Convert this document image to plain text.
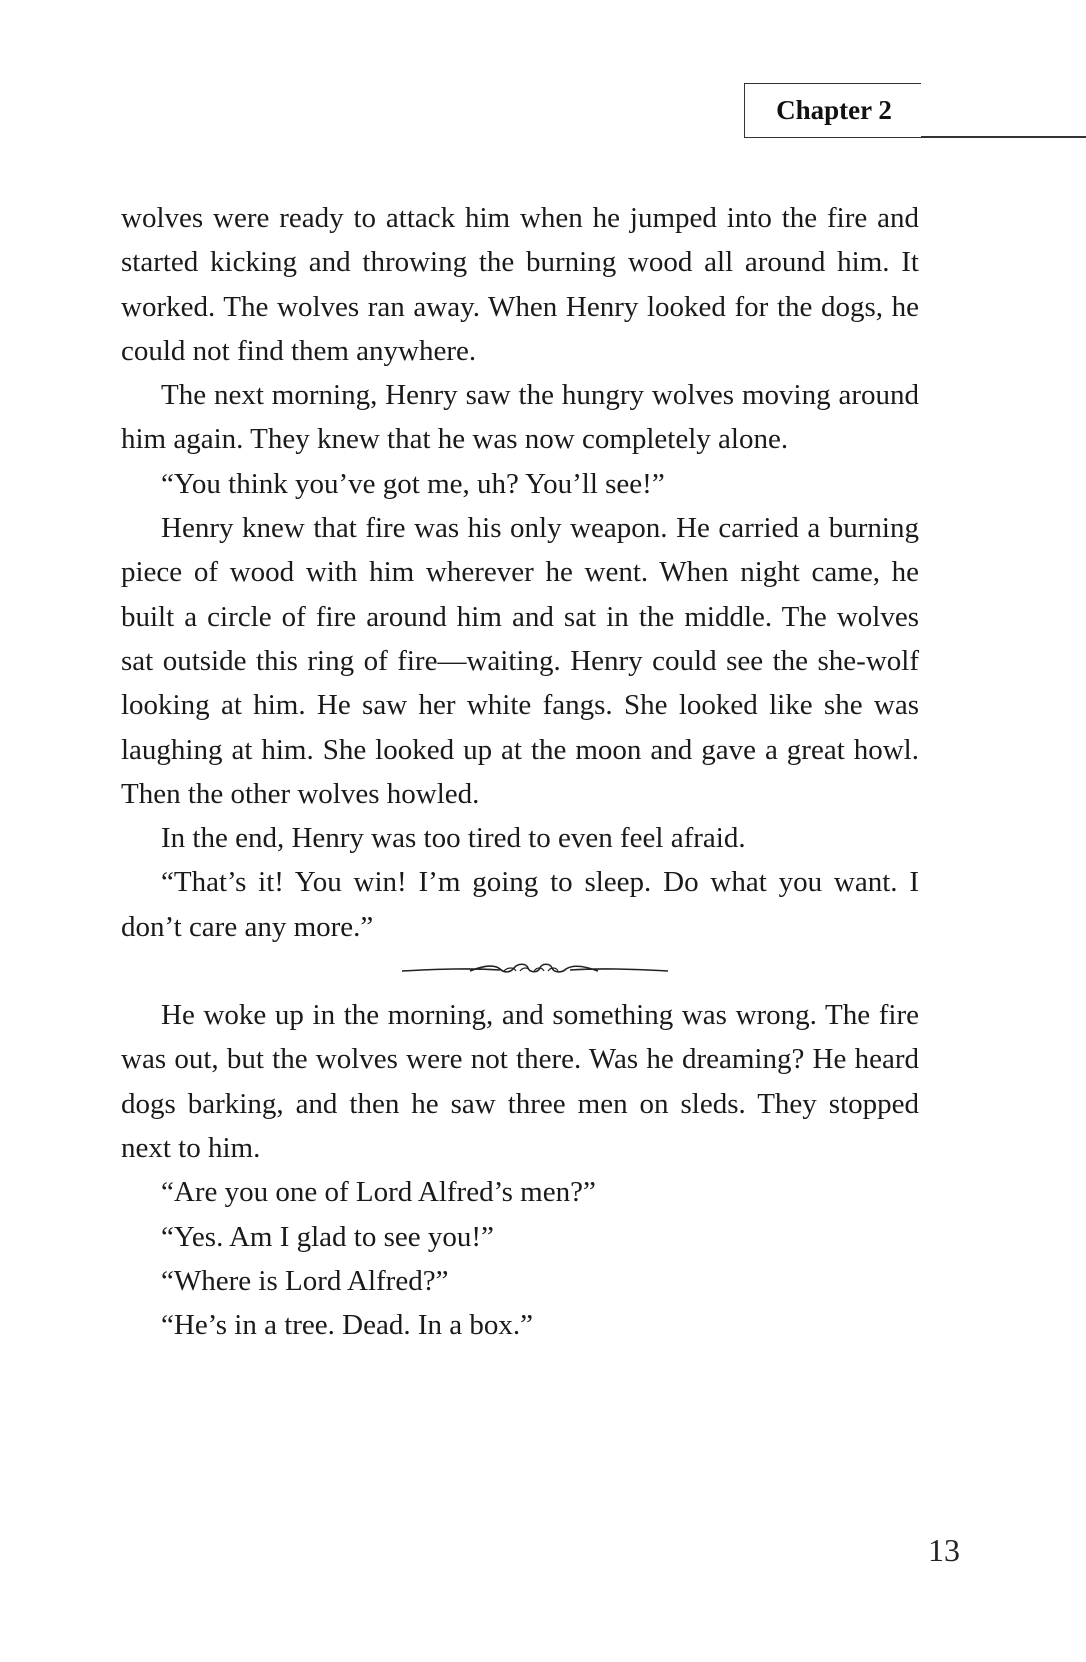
Chapter 2

wolves were ready to attack him when he jumped into the fire and started kicking and throwing the burning wood all around him. It worked. The wolves ran away. When Henry looked for the dogs, he could not find them anywhere.

The next morning, Henry saw the hungry wolves moving around him again. They knew that he was now completely alone.

“You think you’ve got me, uh? You’ll see!”

Henry knew that fire was his only weapon. He carried a burning piece of wood with him wherever he went. When night came, he built a circle of fire around him and sat in the middle. The wolves sat outside this ring of fire—waiting. Henry could see the she-wolf looking at him. He saw her white fangs. She looked like she was laughing at him. She looked up at the moon and gave a great howl. Then the other wolves howled.

In the end, Henry was too tired to even feel afraid.

“That’s it! You win! I’m going to sleep. Do what you want. I don’t care any more.”

He woke up in the morning, and something was wrong. The fire was out, but the wolves were not there. Was he dreaming? He heard dogs barking, and then he saw three men on sleds. They stopped next to him.

“Are you one of Lord Alfred’s men?”

“Yes. Am I glad to see you!”

“Where is Lord Alfred?”

“He’s in a tree. Dead. In a box.”

13
